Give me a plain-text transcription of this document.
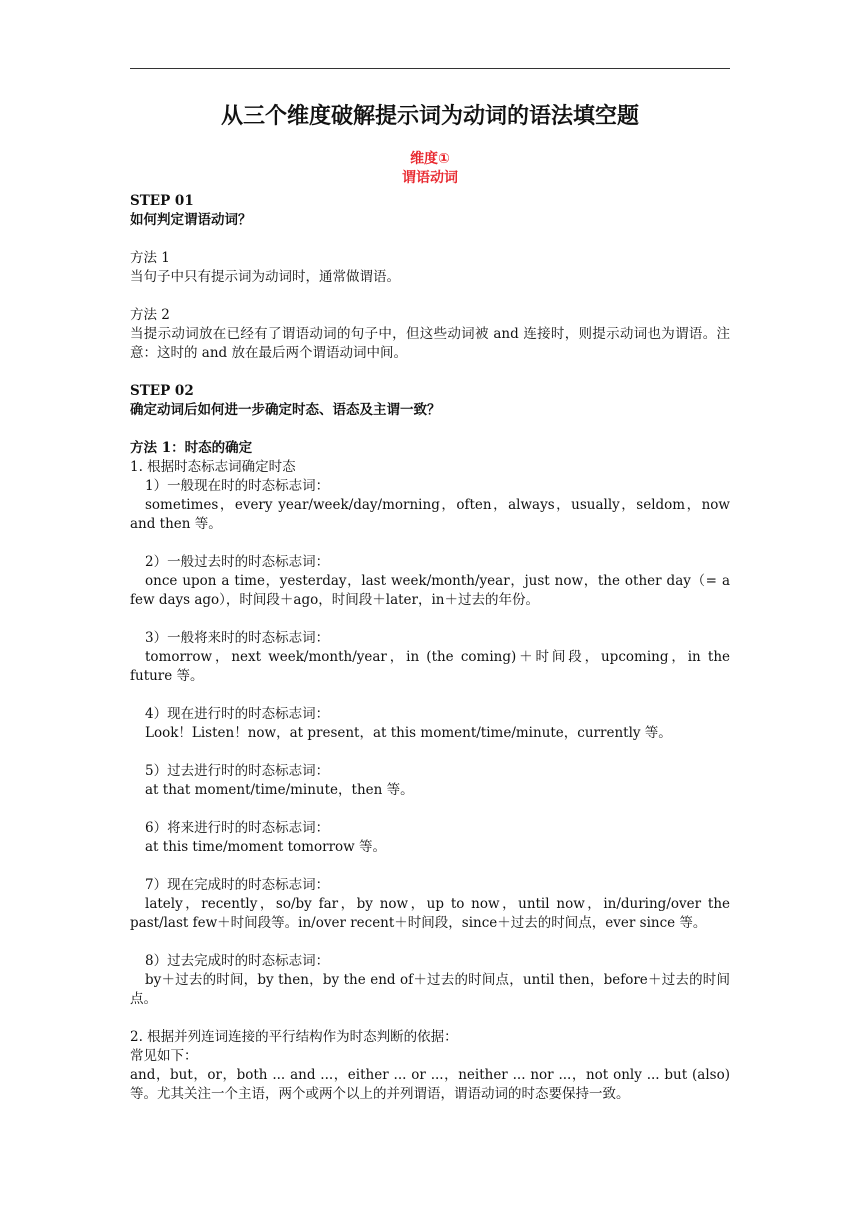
从三个维度破解提示词为动词的语法填空题
维度①
谓语动词

STEP 01

如何判定谓语动词？

方法 1

当句子中只有提示词为动词时，通常做谓语。

方法 2

当提示动词放在已经有了谓语动词的句子中，但这些动词被 and 连接时，则提示动词也为谓语。注意：这时的 and 放在最后两个谓语动词中间。

STEP 02

确定动词后如何进一步确定时态、语态及主谓一致？

方法 1：时态的确定

1. 根据时态标志词确定时态

1）一般现在时的时态标志词：

sometimes，every year/week/day/morning，often，always，usually，seldom，now and then 等。

2）一般过去时的时态标志词：

once upon a time，yesterday，last week/month/year，just now，the other day（= a few days ago），时间段＋ago，时间段＋later，in＋过去的年份。

3）一般将来时的时态标志词：

tomorrow，next week/month/year，in (the coming)＋时间段，upcoming，in the future 等。

4）现在进行时的时态标志词：

Look！Listen！now，at present，at this moment/time/minute，currently 等。

5）过去进行时的时态标志词：

at that moment/time/minute，then 等。

6）将来进行时的时态标志词：

at this time/moment tomorrow 等。

7）现在完成时的时态标志词：

lately，recently，so/by far，by now，up to now，until now，in/during/over the past/last few＋时间段等。in/over recent＋时间段，since＋过去的时间点，ever since 等。

8）过去完成时的时态标志词：

by＋过去的时间，by then，by the end of＋过去的时间点，until then，before＋过去的时间点。

2. 根据并列连词连接的平行结构作为时态判断的依据：

常见如下：

and，but，or，both ... and ...，either ... or ...，neither ... nor ...，not only ... but (also)等。尤其关注一个主语，两个或两个以上的并列谓语，谓语动词的时态要保持一致。
